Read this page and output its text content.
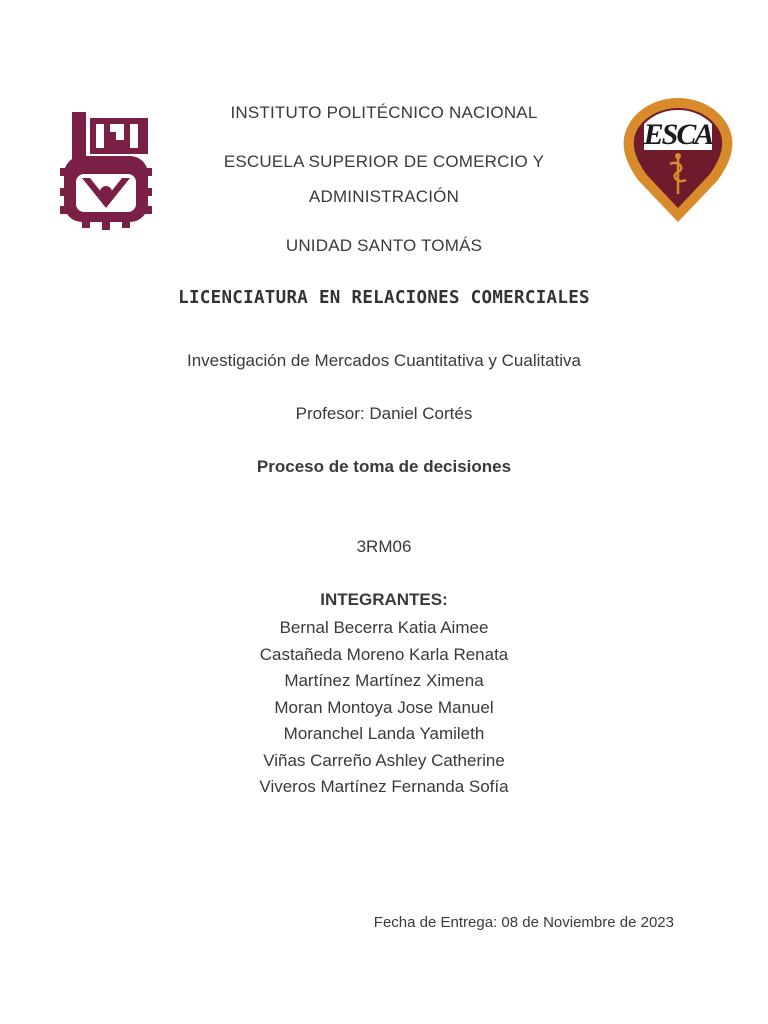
IPN	ESCA
INSTITUTO POLITÉCNICO NACIONAL
ESCUELA SUPERIOR DE COMERCIO Y
ADMINISTRACIÓN
UNIDAD SANTO TOMÁS
LICENCIATURA EN RELACIONES COMERCIALES
Investigación de Mercados Cuantitativa y Cualitativa
Profesor: Daniel Cortés
Proceso de toma de decisiones
3RM06
INTEGRANTES:
Bernal Becerra Katia Aimee
Castañeda Moreno Karla Renata
Martínez Martínez Ximena
Moran Montoya Jose Manuel
Moranchel Landa Yamileth
Viñas Carreño Ashley Catherine
Viveros Martínez Fernanda Sofía
Fecha de Entrega: 08 de Noviembre de 2023
